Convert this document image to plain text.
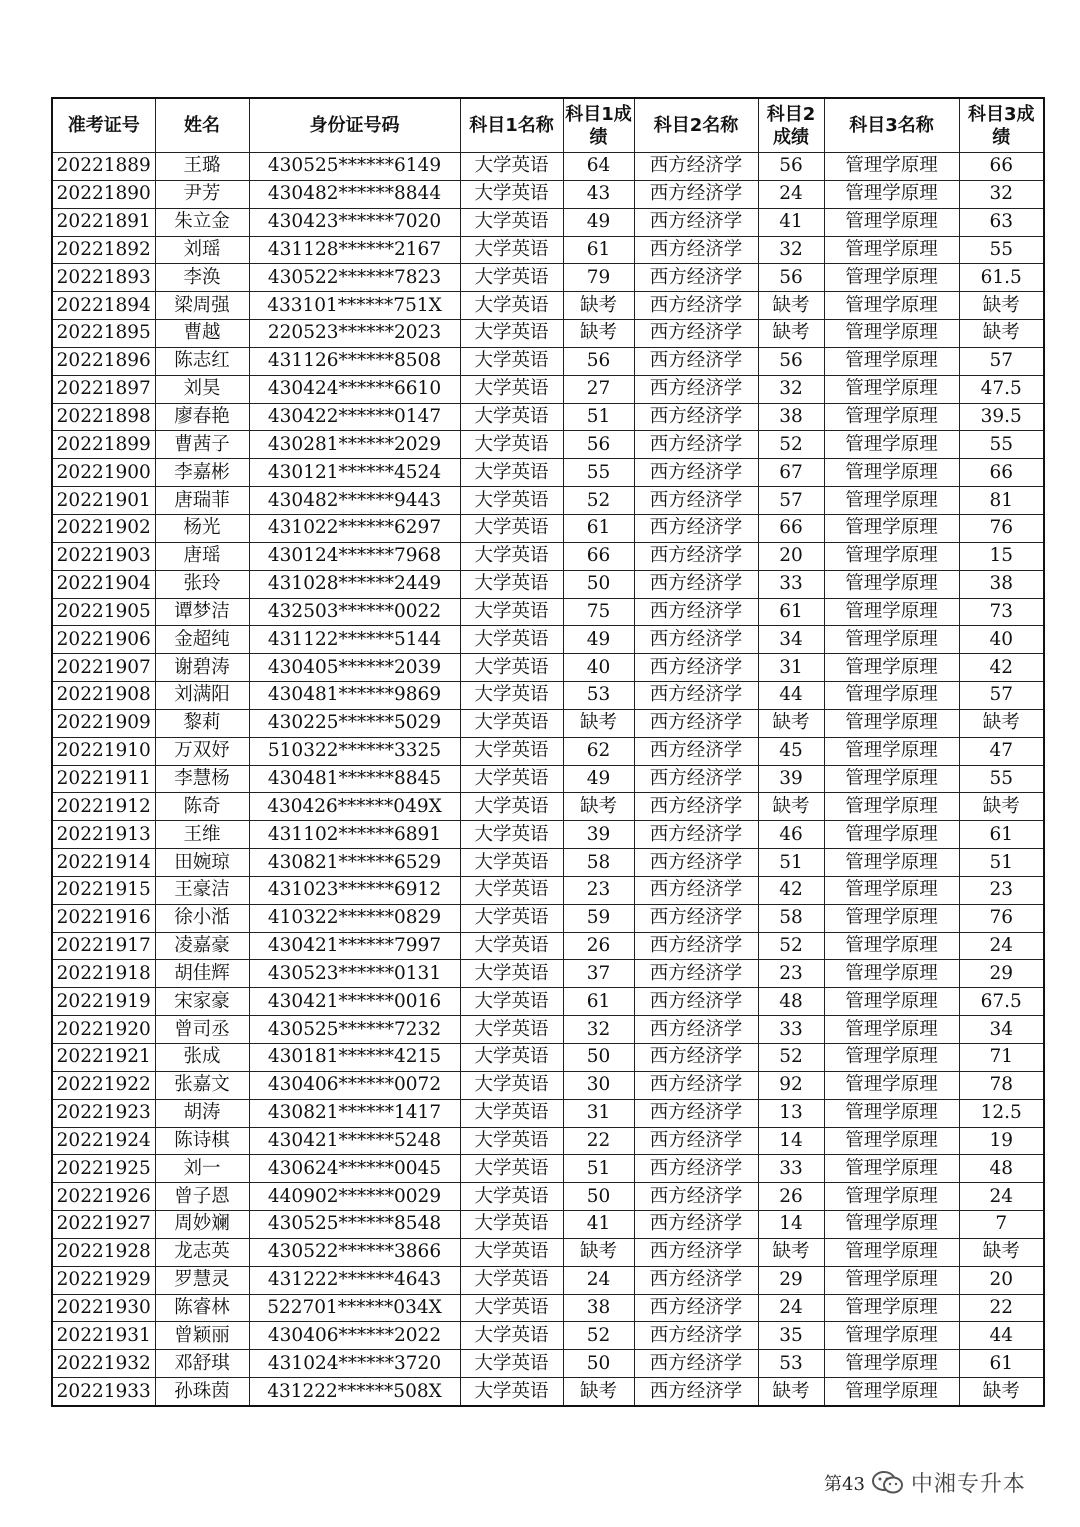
准考证号	姓名	身份证号码	科目1名称	科目1成绩	科目2名称	科目2成绩	科目3名称	科目3成绩
20221889	王璐	430525******6149	大学英语	64	西方经济学	56	管理学原理	66
20221890	尹芳	430482******8844	大学英语	43	西方经济学	24	管理学原理	32
20221891	朱立金	430423******7020	大学英语	49	西方经济学	41	管理学原理	63
20221892	刘瑶	431128******2167	大学英语	61	西方经济学	32	管理学原理	55
20221893	李涣	430522******7823	大学英语	79	西方经济学	56	管理学原理	61.5
20221894	梁周强	433101******751X	大学英语	缺考	西方经济学	缺考	管理学原理	缺考
20221895	曹越	220523******2023	大学英语	缺考	西方经济学	缺考	管理学原理	缺考
20221896	陈志红	431126******8508	大学英语	56	西方经济学	56	管理学原理	57
20221897	刘昊	430424******6610	大学英语	27	西方经济学	32	管理学原理	47.5
20221898	廖春艳	430422******0147	大学英语	51	西方经济学	38	管理学原理	39.5
20221899	曹茜子	430281******2029	大学英语	56	西方经济学	52	管理学原理	55
20221900	李嘉彬	430121******4524	大学英语	55	西方经济学	67	管理学原理	66
20221901	唐瑞菲	430482******9443	大学英语	52	西方经济学	57	管理学原理	81
20221902	杨光	431022******6297	大学英语	61	西方经济学	66	管理学原理	76
20221903	唐瑶	430124******7968	大学英语	66	西方经济学	20	管理学原理	15
20221904	张玲	431028******2449	大学英语	50	西方经济学	33	管理学原理	38
20221905	谭梦洁	432503******0022	大学英语	75	西方经济学	61	管理学原理	73
20221906	金超纯	431122******5144	大学英语	49	西方经济学	34	管理学原理	40
20221907	谢碧涛	430405******2039	大学英语	40	西方经济学	31	管理学原理	42
20221908	刘满阳	430481******9869	大学英语	53	西方经济学	44	管理学原理	57
20221909	黎莉	430225******5029	大学英语	缺考	西方经济学	缺考	管理学原理	缺考
20221910	万双妤	510322******3325	大学英语	62	西方经济学	45	管理学原理	47
20221911	李慧杨	430481******8845	大学英语	49	西方经济学	39	管理学原理	55
20221912	陈奇	430426******049X	大学英语	缺考	西方经济学	缺考	管理学原理	缺考
20221913	王维	431102******6891	大学英语	39	西方经济学	46	管理学原理	61
20221914	田婉琼	430821******6529	大学英语	58	西方经济学	51	管理学原理	51
20221915	王豪洁	431023******6912	大学英语	23	西方经济学	42	管理学原理	23
20221916	徐小湉	410322******0829	大学英语	59	西方经济学	58	管理学原理	76
20221917	凌嘉豪	430421******7997	大学英语	26	西方经济学	52	管理学原理	24
20221918	胡佳辉	430523******0131	大学英语	37	西方经济学	23	管理学原理	29
20221919	宋家豪	430421******0016	大学英语	61	西方经济学	48	管理学原理	67.5
20221920	曾司丞	430525******7232	大学英语	32	西方经济学	33	管理学原理	34
20221921	张成	430181******4215	大学英语	50	西方经济学	52	管理学原理	71
20221922	张嘉文	430406******0072	大学英语	30	西方经济学	92	管理学原理	78
20221923	胡涛	430821******1417	大学英语	31	西方经济学	13	管理学原理	12.5
20221924	陈诗棋	430421******5248	大学英语	22	西方经济学	14	管理学原理	19
20221925	刘一	430624******0045	大学英语	51	西方经济学	33	管理学原理	48
20221926	曾子恩	440902******0029	大学英语	50	西方经济学	26	管理学原理	24
20221927	周妙斓	430525******8548	大学英语	41	西方经济学	14	管理学原理	7
20221928	龙志英	430522******3866	大学英语	缺考	西方经济学	缺考	管理学原理	缺考
20221929	罗慧灵	431222******4643	大学英语	24	西方经济学	29	管理学原理	20
20221930	陈睿林	522701******034X	大学英语	38	西方经济学	24	管理学原理	22
20221931	曾颖丽	430406******2022	大学英语	52	西方经济学	35	管理学原理	44
20221932	邓舒琪	431024******3720	大学英语	50	西方经济学	53	管理学原理	61
20221933	孙珠茵	431222******508X	大学英语	缺考	西方经济学	缺考	管理学原理	缺考
第43 中湘专升本
